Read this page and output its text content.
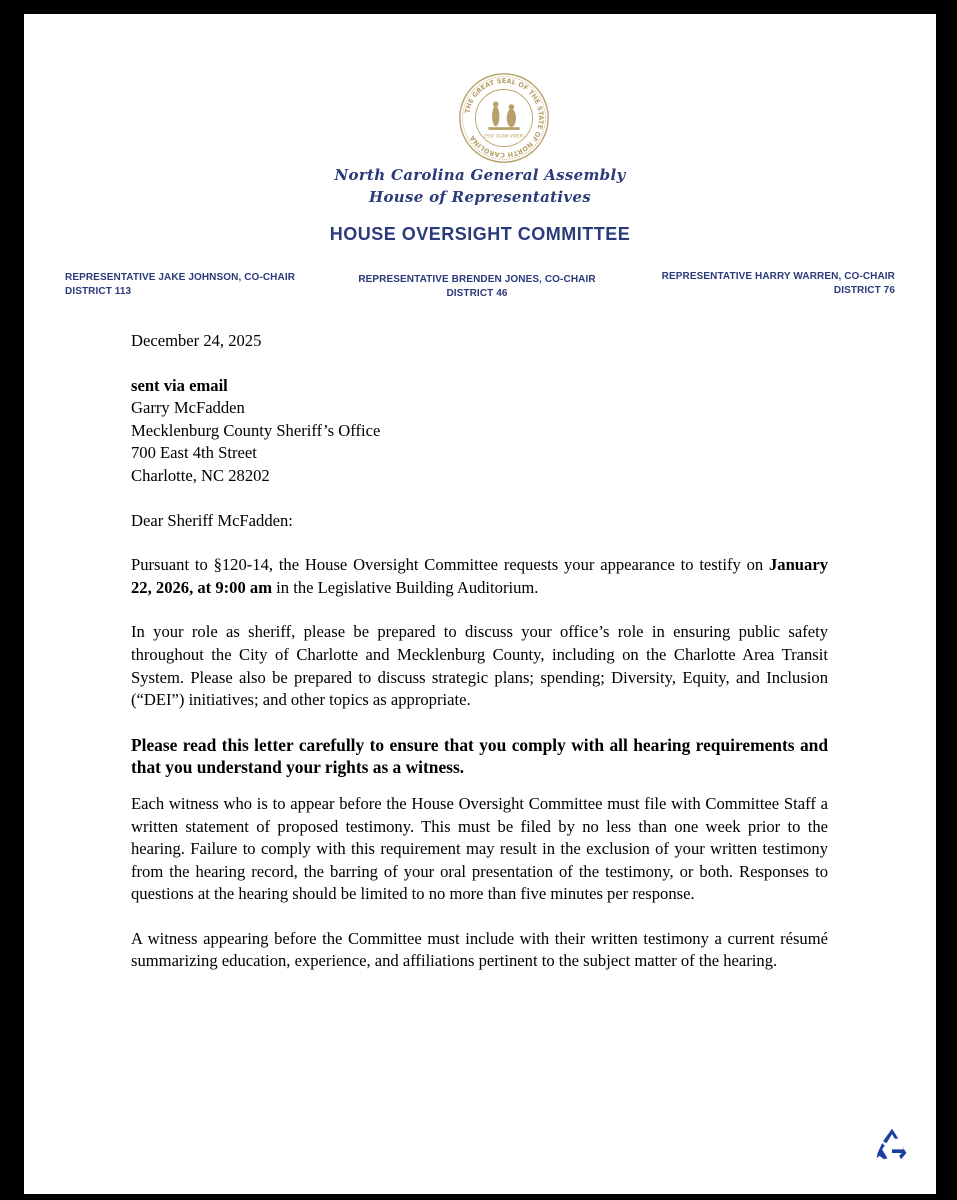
THE GREAT SEAL OF THE STATE OF NORTH CAROLINA	ESSE QUAM VIDERI
North Carolina General Assembly
House of Representatives
HOUSE OVERSIGHT COMMITTEE
REPRESENTATIVE JAKE JOHNSON, CO-CHAIR
DISTRICT 113
REPRESENTATIVE BRENDEN JONES, CO-CHAIR
DISTRICT 46
REPRESENTATIVE HARRY WARREN, CO-CHAIR
DISTRICT 76

December 24, 2025

sent via email

Garry McFadden

Mecklenburg County Sheriff’s Office

700 East 4th Street

Charlotte, NC 28202

Dear Sheriff McFadden:

Pursuant to §120-14, the House Oversight Committee requests your appearance to testify on January 22, 2026, at 9:00 am in the Legislative Building Auditorium.

In your role as sheriff, please be prepared to discuss your office’s role in ensuring public safety throughout the City of Charlotte and Mecklenburg County, including on the Charlotte Area Transit System. Please also be prepared to discuss strategic plans; spending; Diversity, Equity, and Inclusion (“DEI”) initiatives; and other topics as appropriate.

Please read this letter carefully to ensure that you comply with all hearing requirements and that you understand your rights as a witness.

Each witness who is to appear before the House Oversight Committee must file with Committee Staff a written statement of proposed testimony. This must be filed by no less than one week prior to the hearing. Failure to comply with this requirement may result in the exclusion of your written testimony from the hearing record, the barring of your oral presentation of the testimony, or both. Responses to questions at the hearing should be limited to no more than five minutes per response.

A witness appearing before the Committee must include with their written testimony a current résumé summarizing education, experience, and affiliations pertinent to the subject matter of the hearing.
